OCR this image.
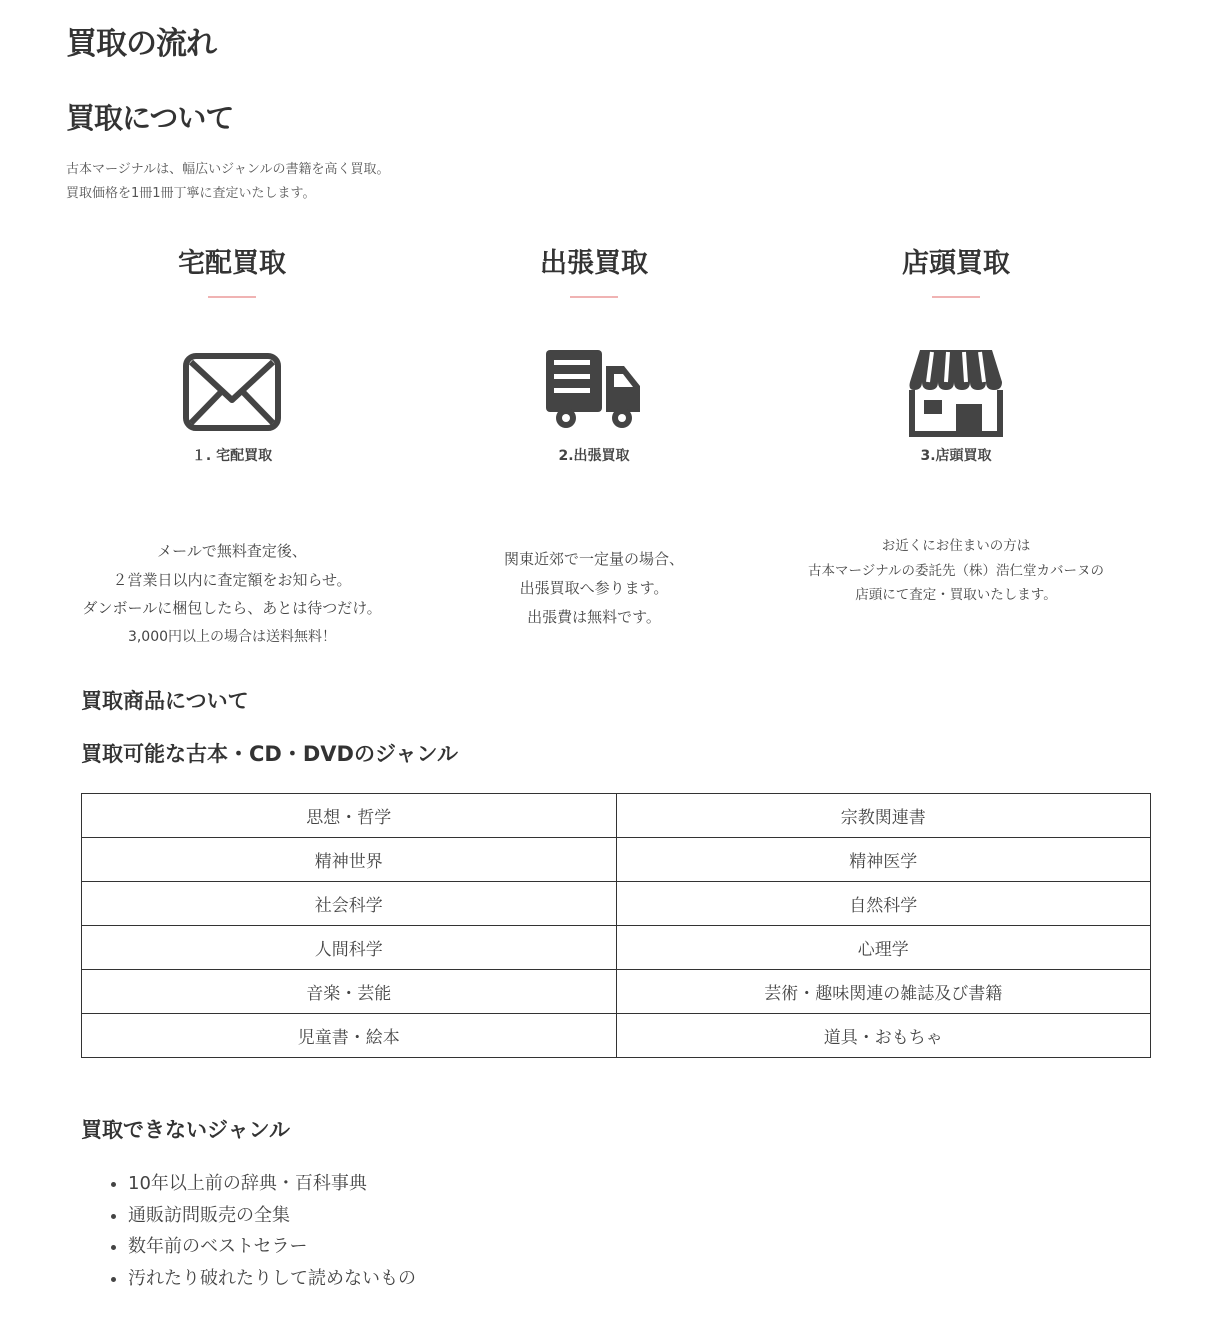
買取の流れ
買取について
古本マージナルは、幅広いジャンルの書籍を高く買取。
買取価格を1冊1冊丁寧に査定いたします。
宅配買取
１. 宅配買取
メールで無料査定後、
２営業日以内に査定額をお知らせ。
ダンボールに梱包したら、あとは待つだけ。
3,000円以上の場合は送料無料！
出張買取
2.出張買取
関東近郊で一定量の場合、
出張買取へ参ります。
出張費は無料です。
店頭買取
3.店頭買取
お近くにお住まいの方は
古本マージナルの委託先（株）浩仁堂カバーヌの
店頭にて査定・買取いたします。
買取商品について
買取可能な古本・CD・DVDのジャンル
思想・哲学	宗教関連書
精神世界	精神医学
社会科学	自然科学
人間科学	心理学
音楽・芸能	芸術・趣味関連の雑誌及び書籍
児童書・絵本	道具・おもちゃ
買取できないジャンル
• 10年以上前の辞典・百科事典
• 通販訪問販売の全集
• 数年前のベストセラー
• 汚れたり破れたりして読めないもの
